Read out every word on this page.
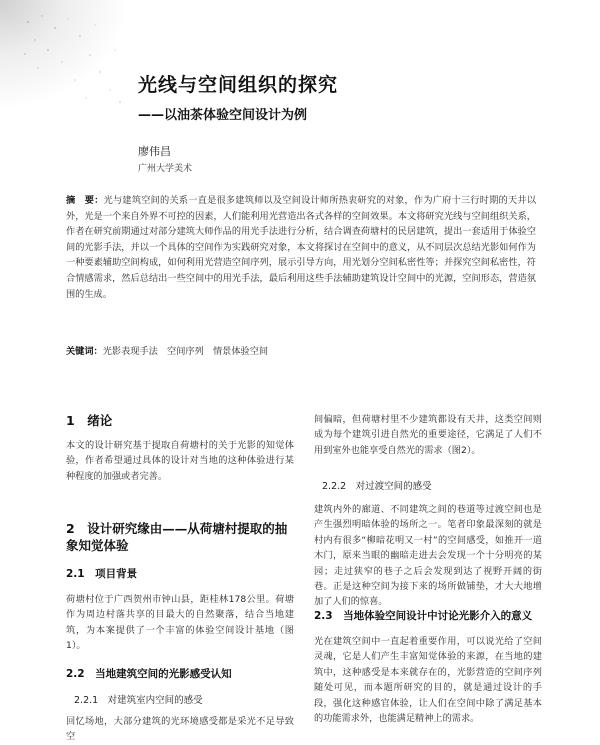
光线与空间组织的探究
——以油茶体验空间设计为例
廖伟昌
广州大学美术
摘　要：光与建筑空间的关系一直是很多建筑师以及空间设计师所热衷研究的对象，作为广府十三行时期的天井以外，光是一个来自外界不可控的因素，人们能利用光营造出各式各样的空间效果。本文将研究光线与空间组织关系，作者在研究前期通过对部分建筑大师作品的用光手法进行分析，结合调查荷塘村的民居建筑，提出一套适用于体验空间的光影手法，并以一个具体的空间作为实践研究对象，本文将探讨在空间中的意义，从不同层次总结光影如何作为一种要素辅助空间构成，如何利用光营造空间序列，展示引导方向，用光划分空间私密性等；并探究空间私密性，符合情感需求，然后总结出一些空间中的用光手法，最后利用这些手法辅助建筑设计空间中的光源，空间形态，营造氛围的生成。
关键词：光影表现手法　空间序列　情景体验空间
1　绪论

本文的设计研究基于提取自荷塘村的关于光影的知觉体验，作者希望通过具体的设计对当地的这种体验进行某种程度的加强或者完善。

2　设计研究缘由——从荷塘村提取的抽象知觉体验
2.1　项目背景

荷塘村位于广西贺州市钟山县，距桂林178公里。荷塘作为周边村落共享的目最大的自然聚落，结合当地建筑，为本案提供了一个丰富的体验空间设计基地（图1）。

2.2　当地建筑空间的光影感受认知
2.2.1　对建筑室内空间的感受

回忆场地，大部分建筑的光环境感受都是采光不足导致空

间偏暗，但荷塘村里不少建筑都设有天井，这类空间则成为每个建筑引进自然光的重要途径，它满足了人们不用到室外也能享受自然光的需求（图2）。

2.2.2　对过渡空间的感受

建筑内外的廊道、不同建筑之间的巷道等过渡空间也是产生强烈明暗体验的场所之一。笔者印象最深刻的就是村内有很多“柳暗花明又一村”的空间感受，如推开一道木门，原来当眼的幽暗走进去会发现一个十分明亮的某园；走过狭窄的巷子之后会发现到达了视野开阔的街巷。正是这种空间为接下来的场所做铺垫，才大大地增加了人们的惊喜。

2.3　当地体验空间设计中讨论光影介入的意义

光在建筑空间中一直起着重要作用，可以说光给了空间灵魂，它是人们产生丰富知觉体验的来源，在当地的建筑中，这种感受是本来就存在的，光影营造的空间序列随处可见，而本题所研究的目的，就是通过设计的手段，强化这种感官体验，让人们在空间中除了满足基本的功能需求外，也能满足精神上的需求。
